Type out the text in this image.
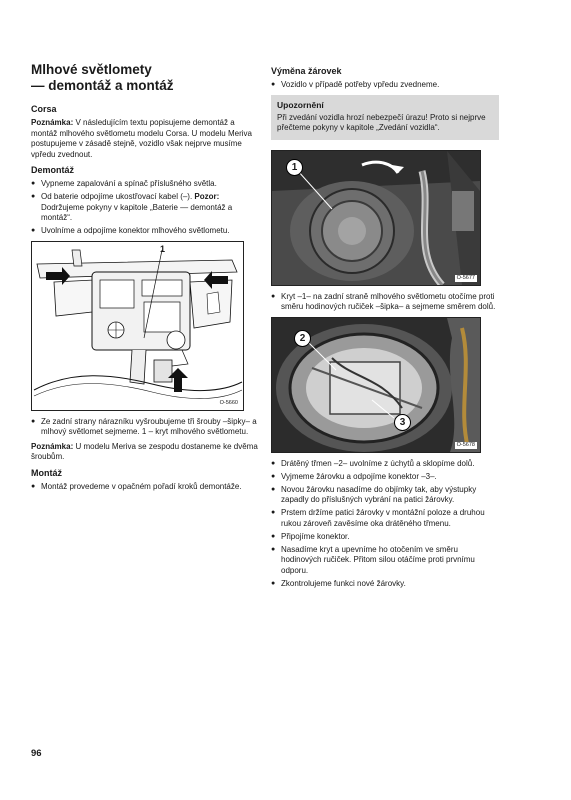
Mlhové světlomety
— demontáž a montáž
Corsa

Poznámka: V následujícím textu popisujeme demontáž a montáž mlhového světlometu modelu Corsa. U modelu Meriva postupujeme v zásadě stejně, vozidlo však nejprve musíme vpředu zvednout.

Demontáž
● Vypneme zapalování a spínač příslušného světla.
● Od baterie odpojíme ukostřovací kabel (–). Pozor: Dodržujeme pokyny v kapitole „Baterie — demontáž a montáž“.
● Uvolníme a odpojíme konektor mlhového světlometu.
1
O-5660
● Ze zadní strany nárazníku vyšroubujeme tři šrouby –šipky– a mlhový světlomet sejmeme. 1 – kryt mlhového světlometu.

Poznámka: U modelu Meriva se zespodu dostaneme ke dvěma šroubům.

Montáž
● Montáž provedeme v opačném pořadí kroků demontáže.
Výměna žárovek
● Vozidlo v případě potřeby vpředu zvedneme.
Upozornění
Při zvedání vozidla hrozí nebezpečí úrazu! Proto si nejprve přečteme pokyny v kapitole „Zvedání vozidla“.
1
O-5677
● Kryt –1– na zadní straně mlhového světlometu otočíme proti směru hodinových ručiček –šipka– a sejmeme směrem dolů.
2
3
O-5678
● Drátěný třmen –2– uvolníme z úchytů a sklopíme dolů.
● Vyjmeme žárovku a odpojíme konektor –3–.
● Novou žárovku nasadíme do objímky tak, aby výstupky zapadly do příslušných vybrání na patici žárovky.
● Prstem držíme patici žárovky v montážní poloze a druhou rukou zároveň zavěsíme oka drátěného třmenu.
● Připojíme konektor.
● Nasadíme kryt a upevníme ho otočením ve směru hodinových ručiček. Přitom silou otáčíme proti prvnímu odporu.
● Zkontrolujeme funkci nové žárovky.
96
